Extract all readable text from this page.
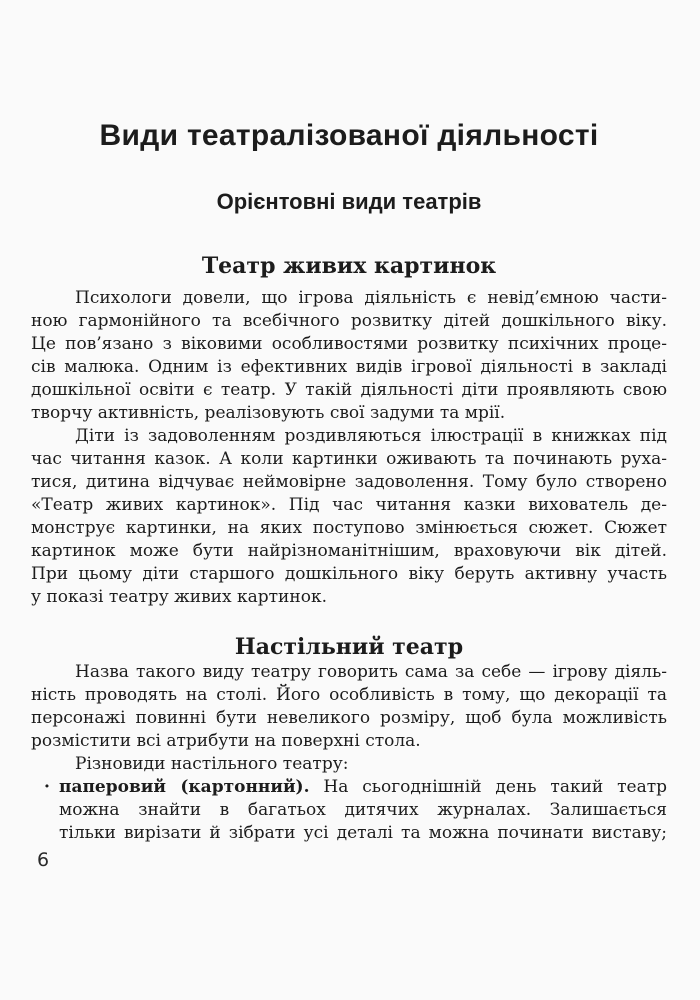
Види театралізованої діяльності
Орієнтовні види театрів
Театр живих картинок
Психологи довели, що ігрова діяльність є невід’ємною части-
ною гармонійного та всебічного розвитку дітей дошкільного віку.
Це пов’язано з віковими особливостями розвитку психічних проце-
сів малюка. Одним із ефективних видів ігрової діяльності в закладі
дошкільної освіти є театр. У такій діяльності діти проявляють свою
творчу активність, реалізовують свої задуми та мрії.
Діти із задоволенням роздивляються ілюстрації в книжках під
час читання казок. А коли картинки оживають та починають руха-
тися, дитина відчуває неймовірне задоволення. Тому було створено
«Театр живих картинок». Під час читання казки вихователь де-
монструє картинки, на яких поступово змінюється сюжет. Сюжет
картинок може бути найрізноманітнішим, враховуючи вік дітей.
При цьому діти старшого дошкільного віку беруть активну участь
у показі театру живих картинок.
Настільний театр
Назва такого виду театру говорить сама за себе — ігрову діяль-
ність проводять на столі. Його особливість в тому, що декорації та
персонажі повинні бути невеликого розміру, щоб була можливість
розмістити всі атрибути на поверхні стола.
Різновиди настільного театру:
· паперовий (картонний). На сьогоднішній день такий театр
можна знайти в багатьох дитячих журналах. Залишається
тільки вирізати й зібрати усі деталі та можна починати виставу;
6
